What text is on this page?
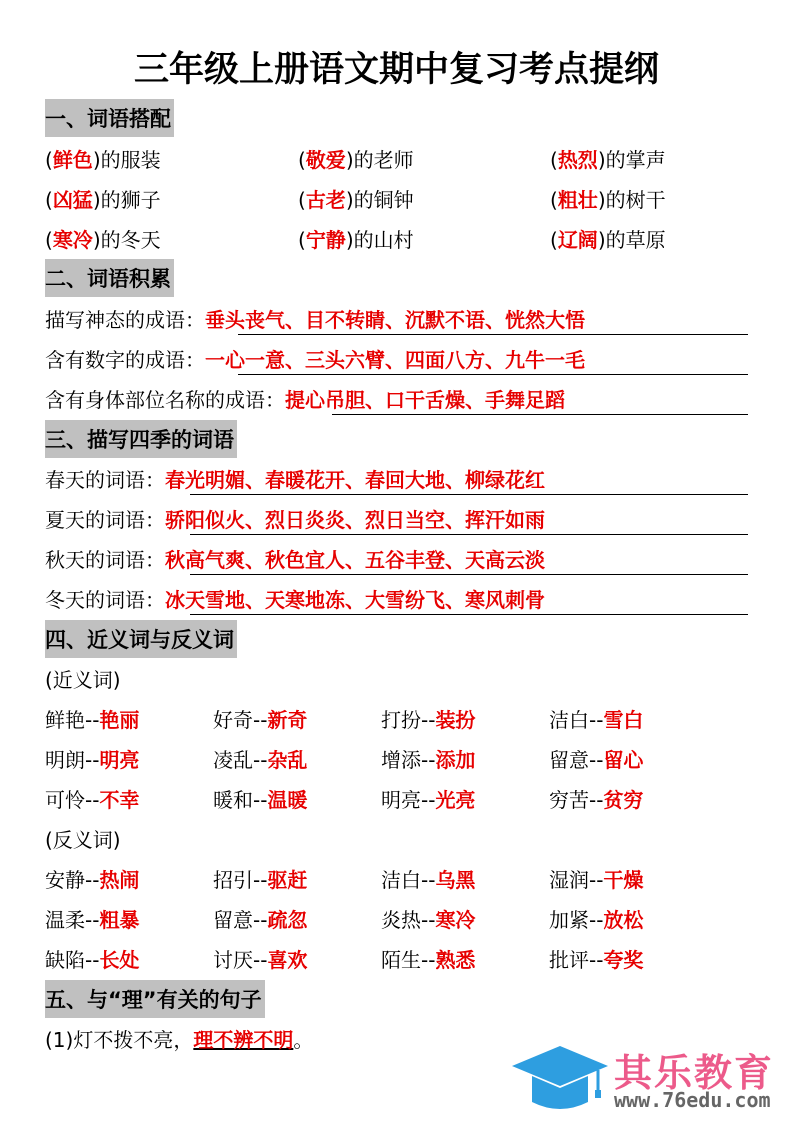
三年级上册语文期中复习考点提纲
一、词语搭配
(鲜色)的服装	(敬爱)的老师	(热烈)的掌声
(凶猛)的狮子	(古老)的铜钟	(粗壮)的树干
(寒冷)的冬天	(宁静)的山村	(辽阔)的草原
二、词语积累
描写神态的成语：垂头丧气、目不转睛、沉默不语、恍然大悟
含有数字的成语：一心一意、三头六臂、四面八方、九牛一毛
含有身体部位名称的成语：提心吊胆、口干舌燥、手舞足蹈
三、描写四季的词语
春天的词语：春光明媚、春暖花开、春回大地、柳绿花红
夏天的词语：骄阳似火、烈日炎炎、烈日当空、挥汗如雨
秋天的词语：秋高气爽、秋色宜人、五谷丰登、天高云淡
冬天的词语：冰天雪地、天寒地冻、大雪纷飞、寒风刺骨
四、近义词与反义词
(近义词)
鲜艳--艳丽	好奇--新奇	打扮--装扮	洁白--雪白
明朗--明亮	凌乱--杂乱	增添--添加	留意--留心
可怜--不幸	暖和--温暖	明亮--光亮	穷苦--贫穷
(反义词)
安静--热闹	招引--驱赶	洁白--乌黑	湿润--干燥
温柔--粗暴	留意--疏忽	炎热--寒冷	加紧--放松
缺陷--长处	讨厌--喜欢	陌生--熟悉	批评--夸奖
五、与“理”有关的句子
(1)灯不拨不亮，理不辨不明。
其乐教育
www.76edu.com
